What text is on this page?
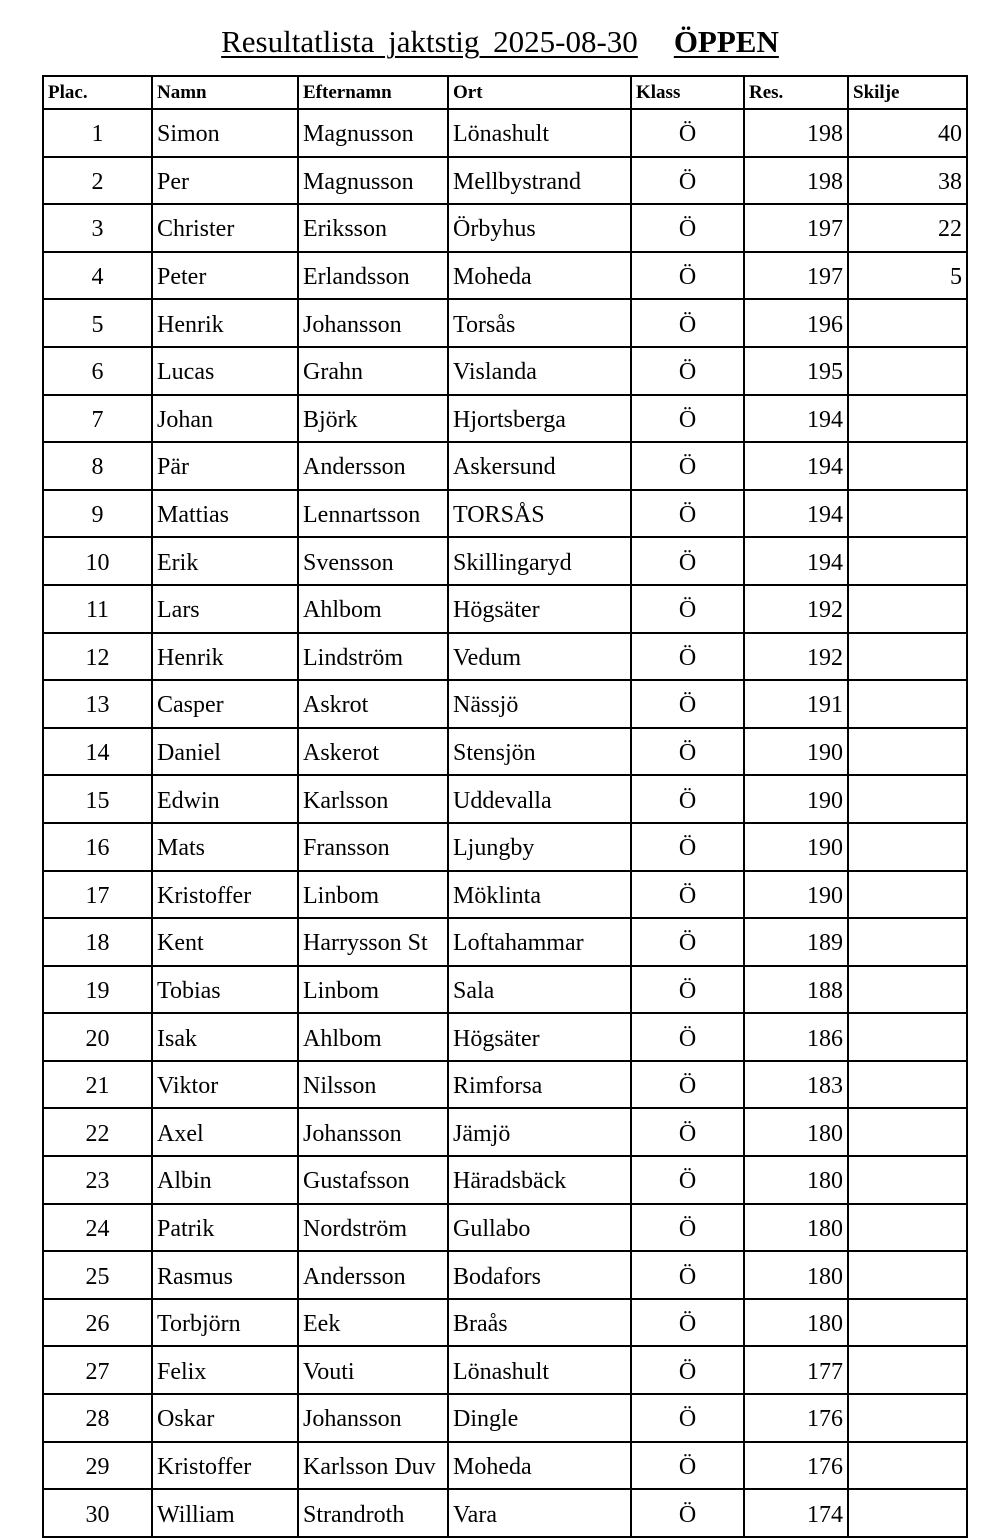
Resultatlista jaktstig 2025-08-30 ÖPPEN
Plac.	Namn	Efternamn	Ort	Klass	Res.	Skilje
1	Simon	Magnusson	Lönashult	Ö	198	40
2	Per	Magnusson	Mellbystrand	Ö	198	38
3	Christer	Eriksson	Örbyhus	Ö	197	22
4	Peter	Erlandsson	Moheda	Ö	197	5
5	Henrik	Johansson	Torsås	Ö	196	
6	Lucas	Grahn	Vislanda	Ö	195	
7	Johan	Björk	Hjortsberga	Ö	194	
8	Pär	Andersson	Askersund	Ö	194	
9	Mattias	Lennartsson	TORSÅS	Ö	194	
10	Erik	Svensson	Skillingaryd	Ö	194	
11	Lars	Ahlbom	Högsäter	Ö	192	
12	Henrik	Lindström	Vedum	Ö	192	
13	Casper	Askrot	Nässjö	Ö	191	
14	Daniel	Askerot	Stensjön	Ö	190	
15	Edwin	Karlsson	Uddevalla	Ö	190	
16	Mats	Fransson	Ljungby	Ö	190	
17	Kristoffer	Linbom	Möklinta	Ö	190	
18	Kent	Harrysson St	Loftahammar	Ö	189	
19	Tobias	Linbom	Sala	Ö	188	
20	Isak	Ahlbom	Högsäter	Ö	186	
21	Viktor	Nilsson	Rimforsa	Ö	183	
22	Axel	Johansson	Jämjö	Ö	180	
23	Albin	Gustafsson	Häradsbäck	Ö	180	
24	Patrik	Nordström	Gullabo	Ö	180	
25	Rasmus	Andersson	Bodafors	Ö	180	
26	Torbjörn	Eek	Braås	Ö	180	
27	Felix	Vouti	Lönashult	Ö	177	
28	Oskar	Johansson	Dingle	Ö	176	
29	Kristoffer	Karlsson Duv	Moheda	Ö	176	
30	William	Strandroth	Vara	Ö	174	
